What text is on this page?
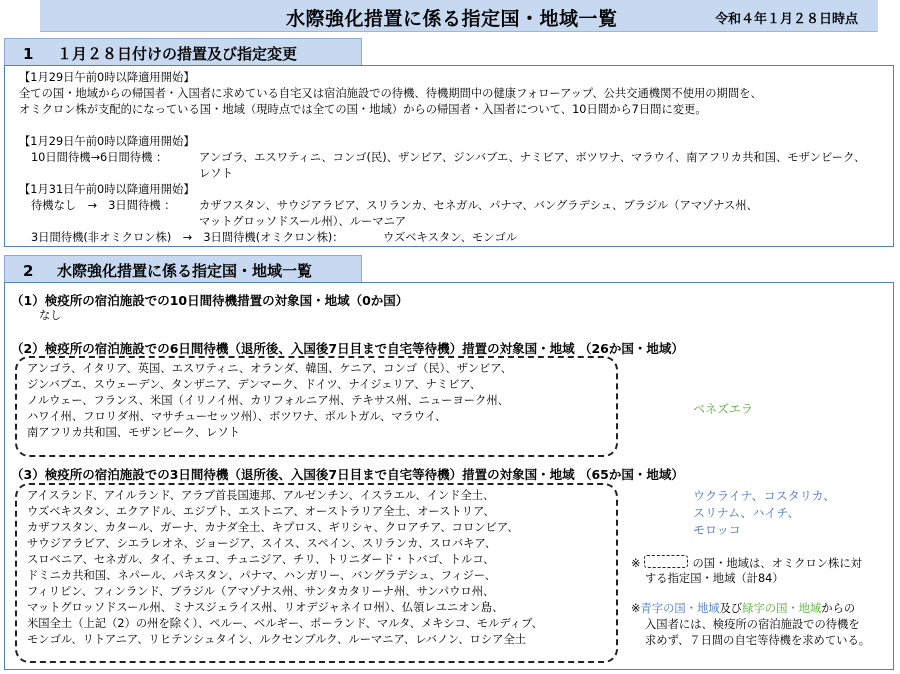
水際強化措置に係る指定国・地域一覧	令和４年１月２８日時点
1 １月２８日付けの措置及び指定変更
【1月29日午前0時以降適用開始】
全ての国・地域からの帰国者・入国者に求めている自宅又は宿泊施設での待機、待機期間中の健康フォローアップ、公共交通機関不使用の期間を、
オミクロン株が支配的になっている国・地域（現時点では全ての国・地域）からの帰国者・入国者について、10日間から7日間に変更。
【1月29日午前0時以降適用開始】
10日間待機→6日間待機 ：	アンゴラ、エスワティニ、コンゴ(民)、ザンビア、ジンバブエ、ナミビア、ボツワナ、マラウイ、南アフリカ共和国、モザンビーク、
レソト
【1月31日午前0時以降適用開始】
待機なし　→　3日間待機 ： カザフスタン、サウジアラビア、スリランカ、セネガル、パナマ、バングラデシュ、ブラジル（アマゾナス州、
マットグロッソドスール州）、ルーマニア
3日間待機(非オミクロン株)　→　3日間待機(オミクロン株)：	ウズベキスタン、モンゴル
2 水際強化措置に係る指定国・地域一覧
（1）検疫所の宿泊施設での10日間待機措置の対象国・地域（0か国）
なし
（2）検疫所の宿泊施設での6日間待機（退所後、入国後7日目まで自宅等待機）措置の対象国・地域 （26か国・地域）
アンゴラ、イタリア、英国、エスワティニ、オランダ、韓国、ケニア、コンゴ（民）、ザンビア、
ジンバブエ、スウェーデン、タンザニア、デンマーク、ドイツ、ナイジェリア、ナミビア、
ノルウェー、フランス、米国（イリノイ州、カリフォルニア州、テキサス州、ニューヨーク州、
ハワイ州、フロリダ州、マサチューセッツ州）、ボツワナ、ポルトガル、マラウイ、
南アフリカ共和国、モザンビーク、レソト
ベネズエラ
（3）検疫所の宿泊施設での3日間待機（退所後、入国後7日目まで自宅等待機）措置の対象国・地域 （65か国・地域）
アイスランド、アイルランド、アラブ首長国連邦、アルゼンチン、イスラエル、インド全土、
ウズベキスタン、エクアドル、エジプト、エストニア、オーストラリア全土、オーストリア、
カザフスタン、カタール、ガーナ、カナダ全土、キプロス、ギリシャ、クロアチア、コロンビア、
サウジアラビア、シエラレオネ、ジョージア、スイス、スペイン、スリランカ、スロバキア、
スロベニア、セネガル、タイ、チェコ、チュニジア、チリ、トリニダード・トバゴ、トルコ、
ドミニカ共和国、ネパール、パキスタン、パナマ、ハンガリー、バングラデシュ、フィジー、
フィリピン、フィンランド、ブラジル（アマゾナス州、サンタカタリーナ州、サンパウロ州、
マットグロッソドスール州、ミナスジェライス州、リオデジャネイロ州）、仏領レユニオン島、
米国全土（上記（2）の州を除く）、ペルー、ベルギー、ポーランド、マルタ、メキシコ、モルディブ、
モンゴル、リトアニア、リヒテンシュタイン、ルクセンブルク、ルーマニア、レバノン、ロシア全土
ウクライナ、コスタリカ、
スリナム、ハイチ、
モロッコ
※	の国・地域は、オミクロン株に対
する指定国・地域（計84）
※青字の国・地域及び緑字の国・地域からの
入国者には、検疫所の宿泊施設での待機を
求めず、７日間の自宅等待機を求めている。
